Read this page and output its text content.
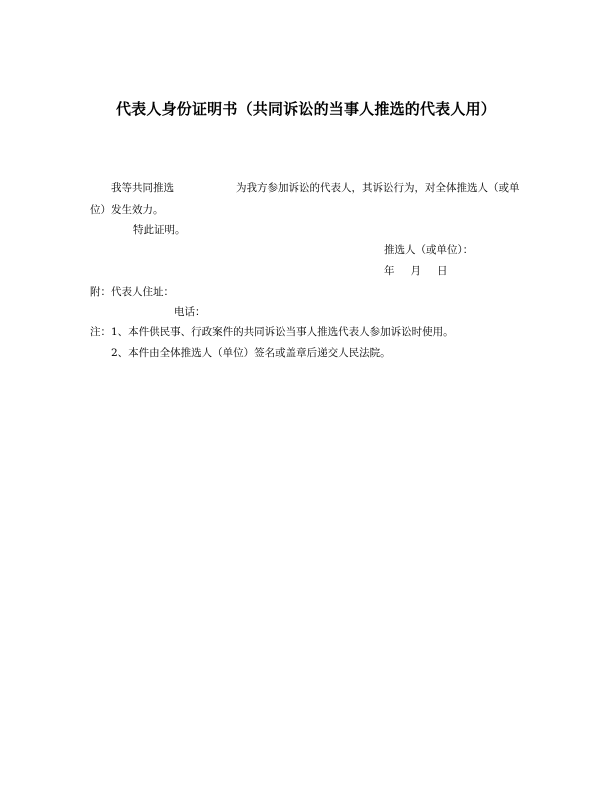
代表人身份证明书（共同诉讼的当事人推选的代表人用）
我等共同推选	为我方参加诉讼的代表人，其诉讼行为，对全体推选人（或单
位）发生效力。
特此证明。
推选人（或单位）：
年 月 日
附：代表人住址：
电话：
注：1、本件供民事、行政案件的共同诉讼当事人推选代表人参加诉讼时使用。
2、本件由全体推选人（单位）签名或盖章后递交人民法院。
